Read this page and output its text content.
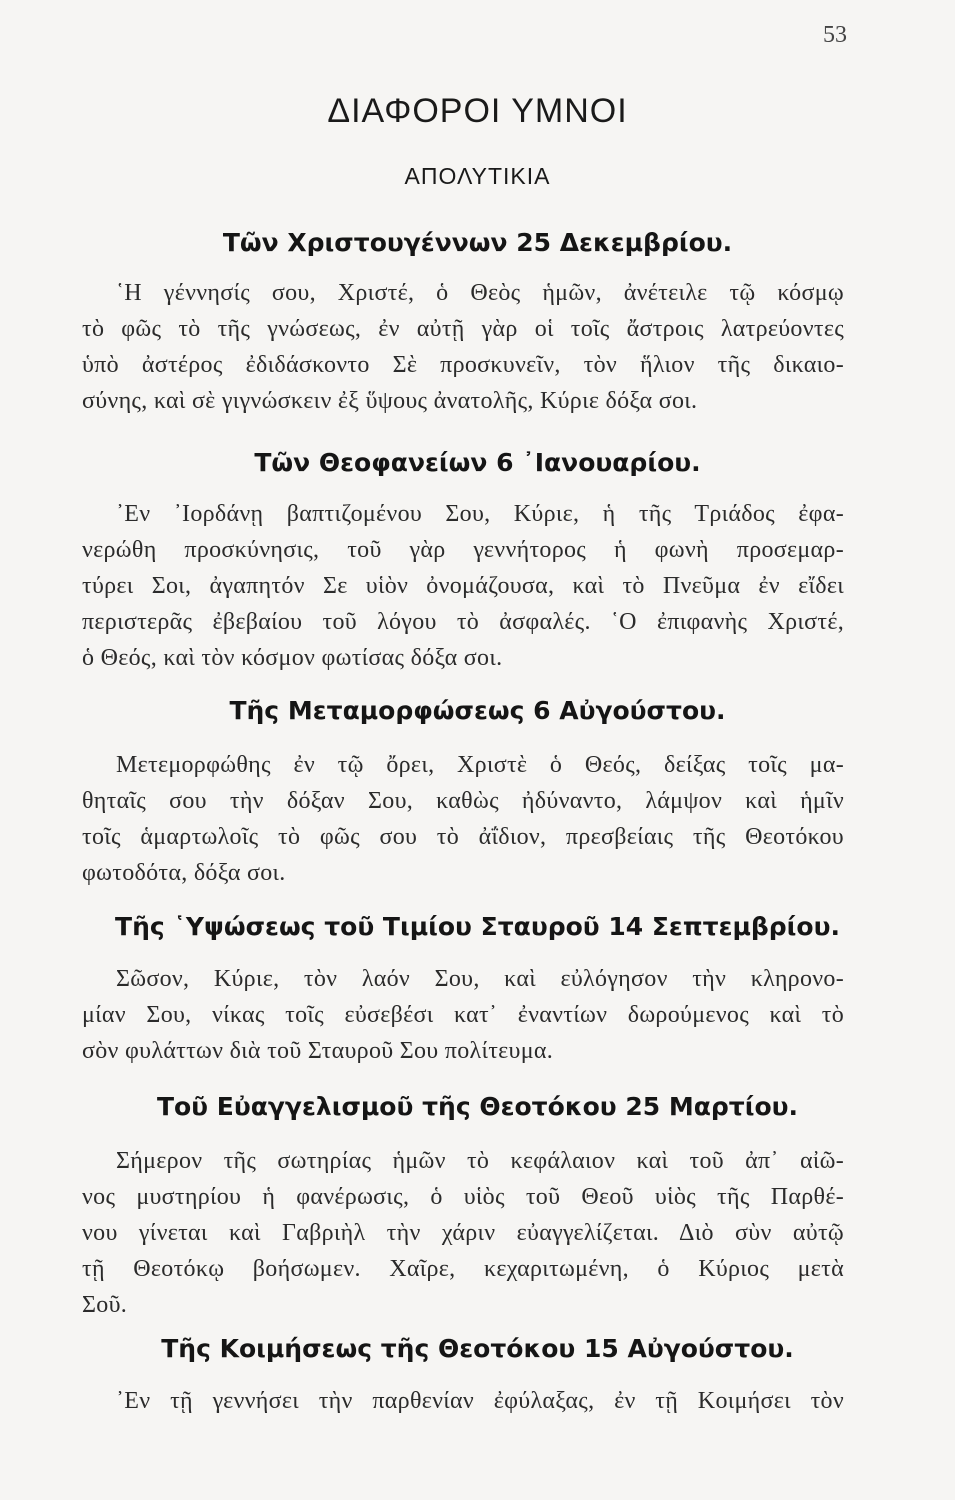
53
ΔΙΑΦΟΡΟΙ ΥΜΝΟΙ
ΑΠΟΛΥΤΙΚΙΑ
Τῶν Χριστουγέννων 25 Δεκεμβρίου.
῾Η γέννησίς σου, Χριστέ, ὁ Θεὸς ἡμῶν, ἀνέτειλε τῷ κόσμῳ
τὸ φῶς τὸ τῆς γνώσεως, ἐν αὐτῇ γὰρ οἱ τοῖς ἄστροις λατρεύοντες
ὑπὸ ἀστέρος ἐδιδάσκοντο Σὲ προσκυνεῖν, τὸν ἥλιον τῆς δικαιο-
σύνης, καὶ σὲ γιγνώσκειν ἐξ ὕψους ἀνατολῆς, Κύριε δόξα σοι.
Τῶν Θεοφανείων 6 ᾿Ιανουαρίου.
᾿Εν ᾿Ιορδάνῃ βαπτιζομένου Σου, Κύριε, ἡ τῆς Τριάδος ἐφα-
νερώθη προσκύνησις, τοῦ γὰρ γεννήτορος ἡ φωνὴ προσεμαρ-
τύρει Σοι, ἀγαπητόν Σε υἱὸν ὀνομάζουσα, καὶ τὸ Πνεῦμα ἐν εἴδει
περιστερᾶς ἐβεβαίου τοῦ λόγου τὸ ἀσφαλές. ῾Ο ἐπιφανὴς Χριστέ,
ὁ Θεός, καὶ τὸν κόσμον φωτίσας δόξα σοι.
Τῆς Μεταμορφώσεως 6 Αὐγούστου.
Μετεμορφώθης ἐν τῷ ὄρει, Χριστὲ ὁ Θεός, δείξας τοῖς μα-
θηταῖς σου τὴν δόξαν Σου, καθὼς ἠδύναντο, λάμψον καὶ ἡμῖν
τοῖς ἁμαρτωλοῖς τὸ φῶς σου τὸ ἀΐδιον, πρεσβείαις τῆς Θεοτόκου
φωτοδότα, δόξα σοι.
Τῆς ῾Υψώσεως τοῦ Τιμίου Σταυροῦ 14 Σεπτεμβρίου.
Σῶσον, Κύριε, τὸν λαόν Σου, καὶ εὐλόγησον τὴν κληρονο-
μίαν Σου, νίκας τοῖς εὐσεβέσι κατ᾿ ἐναντίων δωρούμενος καὶ τὸ
σὸν φυλάττων διὰ τοῦ Σταυροῦ Σου πολίτευμα.
Τοῦ Εὐαγγελισμοῦ τῆς Θεοτόκου 25 Μαρτίου.
Σήμερον τῆς σωτηρίας ἡμῶν τὸ κεφάλαιον καὶ τοῦ ἀπ᾿ αἰῶ-
νος μυστηρίου ἡ φανέρωσις, ὁ υἱὸς τοῦ Θεοῦ υἱὸς τῆς Παρθέ-
νου γίνεται καὶ Γαβριὴλ τὴν χάριν εὐαγγελίζεται. Διὸ σὺν αὐτῷ
τῇ Θεοτόκῳ βοήσωμεν. Χαῖρε, κεχαριτωμένη, ὁ Κύριος μετὰ
Σοῦ.
Τῆς Κοιμήσεως τῆς Θεοτόκου 15 Αὐγούστου.
᾿Εν τῇ γεννήσει τὴν παρθενίαν ἐφύλαξας, ἐν τῇ Κοιμήσει τὸν
